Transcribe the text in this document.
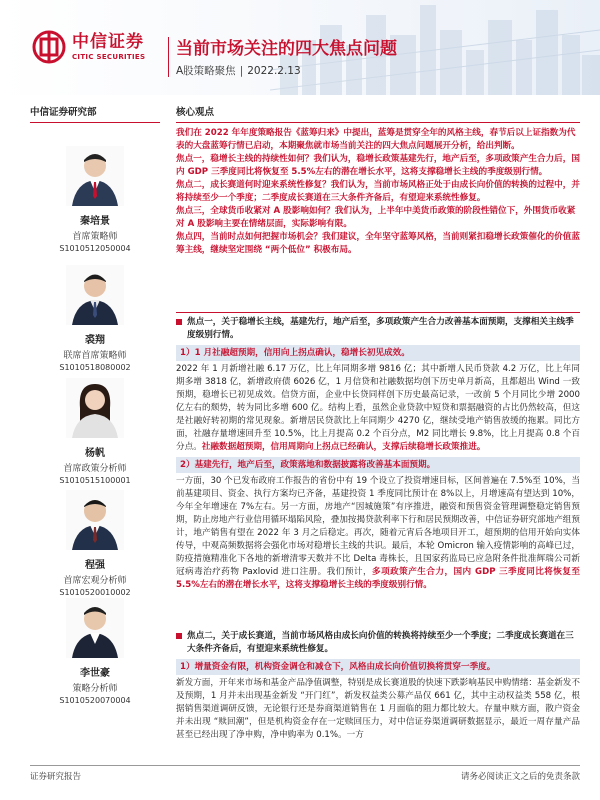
中信证券
CITIC SECURITIES 当前市场关注的四大焦点问题
A股策略聚焦 | 2022.2.13
中信证券研究部
秦培景
首席策略师
S1010512050004
裘翔
联席首席策略师
S1010518080002
杨帆
首席政策分析师
S1010515100001
程强
首席宏观分析师
S1010520010002
李世豪
策略分析师
S1010520070004
核心观点

我们在 2022 年年度策略报告《蓝筹归来》中提出，蓝筹是贯穿全年的风格主线，春节后以上证指数为代表的大盘蓝筹行情已启动，本期聚焦就市场当前关注的四大焦点问题展开分析，给出判断。

焦点一，稳增长主线的持续性如何？我们认为，稳增长政策基建先行，地产后至，多项政策产生合力后，国内 GDP 三季度同比将恢复至 5.5%左右的潜在增长水平，这将支撑稳增长主线的季度级别行情。

焦点二，成长赛道何时迎来系统性修复？我们认为，当前市场风格正处于由成长向价值的转换的过程中，并将持续至少一个季度；二季度成长赛道在三大条件齐备后，有望迎来系统性修复。

焦点三，全球货币收紧对 A 股影响如何？我们认为，上半年中美货币政策的阶段性错位下，外围货币收紧对 A 股影响主要在情绪层面，实际影响有限。

焦点四，当前时点如何把握市场机会？我们建议，全年坚守蓝筹风格，当前则紧扣稳增长政策催化的价值蓝筹主线，继续坚定围绕 “两个低位” 积极布局。

焦点一，关于稳增长主线，基建先行，地产后至，多项政策产生合力改善基本面预期，支撑相关主线季度级别行情。
1）1 月社融超预期，信用向上拐点确认，稳增长初见成效。

2022 年 1 月新增社融 6.17 万亿，比上年同期多增 9816 亿；其中新增人民币贷款 4.2 万亿，比上年同期多增 3818 亿，新增政府债 6026 亿，1 月信贷和社融数据均创下历史单月新高，且都超出 Wind 一致预期，稳增长已初见成效。信贷方面，企业中长贷同样创下历史最高记录，一改前 5 个月同比少增 2000 亿左右的颓势，转为同比多增 600 亿。结构上看，虽然企业贷款中短贷和票据融资的占比仍然较高，但这是社融好转初期的常见现象。新增居民贷款比上年同期少 4270 亿，继续受地产销售放缓的拖累。同比方面，社融存量增速回升至 10.5%，比上月提高 0.2 个百分点，M2 同比增长 9.8%，比上月提高 0.8 个百分点。社融数据超预期，信用周期向上拐点已经确认，支撑后续稳增长政策推进。

2）基建先行，地产后至，政策落地和数据披露将改善基本面预期。

一方面，30 个已发布政府工作报告的省份中有 19 个设立了投资增速目标，区间普遍在 7.5%至 10%，当前基建项目、资金、执行方案均已齐备，基建投资 1 季度同比预计在 8%以上，月增速高有望达到 10%，今年全年增速在 7%左右。另一方面，房地产“因城施策”有序推进，融资和预售资金管理调整稳定销售预期，防止房地产行业信用循环塌陷风险，叠加按揭贷款利率下行和居民预期改善，中信证券研究部地产组预计，地产销售有望在 2022 年 3 月之后稳定。再次，随着元宵后各地项目开工，超预期的信用开始向实体传导，中观高频数据将会强化市场对稳增长主线的共识。最后，本轮 Omicron 输入疫情影响的高峰已过，防疫措施精准化下各地的新增清零天数并不比 Delta 毒株长，且国家药监局已应急附条件批准辉瑞公司新冠病毒治疗药物 Paxlovid 进口注册。我们预计，多项政策产生合力，国内 GDP 三季度同比将恢复至 5.5%左右的潜在增长水平，这将支撑稳增长主线的季度级别行情。

焦点二，关于成长赛道，当前市场风格由成长向价值的转换将持续至少一个季度；二季度成长赛道在三大条件齐备后，有望迎来系统性修复。
1）增量资金有限，机构资金调仓和减仓下，风格由成长向价值切换将贯穿一季度。

新发方面，开年来市场和基金产品净值调整，特别是成长赛道股的快速下跌影响基民申购情绪：基金新发不及预期，1 月并未出现基金新发 “开门红”，新发权益类公募产品仅 661 亿，其中主动权益类 558 亿，根据销售渠道调研反馈，无论银行还是券商渠道销售在 1 月面临的阻力都比较大。存量申赎方面，散户资金并未出现 “赎回潮”，但是机构资金存在一定赎回压力，对中信证券渠道调研数据显示，最近一周存量产品甚至已经出现了净申购，净申购率为 0.1%。一方

证券研究报告	请务必阅读正文之后的免责条款
